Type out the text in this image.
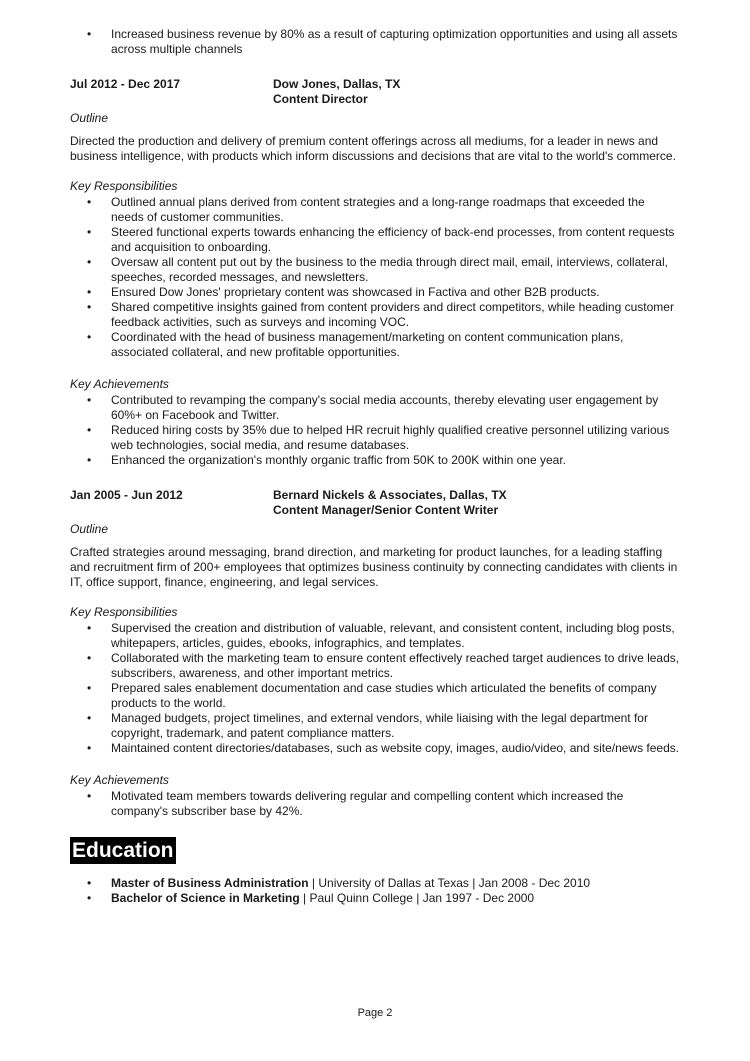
• Increased business revenue by 80% as a result of capturing optimization opportunities and using all assets across multiple channels
Jul 2012 - Dec 2017	Dow Jones, Dallas, TX
Content Director
Outline
Directed the production and delivery of premium content offerings across all mediums, for a leader in news and business intelligence, with products which inform discussions and decisions that are vital to the world's commerce.
Key Responsibilities
• Outlined annual plans derived from content strategies and a long-range roadmaps that exceeded the needs of customer communities.
• Steered functional experts towards enhancing the efficiency of back-end processes, from content requests and acquisition to onboarding.
• Oversaw all content put out by the business to the media through direct mail, email, interviews, collateral, speeches, recorded messages, and newsletters.
• Ensured Dow Jones' proprietary content was showcased in Factiva and other B2B products.
• Shared competitive insights gained from content providers and direct competitors, while heading customer feedback activities, such as surveys and incoming VOC.
• Coordinated with the head of business management/marketing on content communication plans, associated collateral, and new profitable opportunities.
Key Achievements
• Contributed to revamping the company's social media accounts, thereby elevating user engagement by 60%+ on Facebook and Twitter.
• Reduced hiring costs by 35% due to helped HR recruit highly qualified creative personnel utilizing various web technologies, social media, and resume databases.
• Enhanced the organization's monthly organic traffic from 50K to 200K within one year.
Jan 2005 - Jun 2012	Bernard Nickels & Associates, Dallas, TX
Content Manager/Senior Content Writer
Outline
Crafted strategies around messaging, brand direction, and marketing for product launches, for a leading staffing and recruitment firm of 200+ employees that optimizes business continuity by connecting candidates with clients in IT, office support, finance, engineering, and legal services.
Key Responsibilities
• Supervised the creation and distribution of valuable, relevant, and consistent content, including blog posts, whitepapers, articles, guides, ebooks, infographics, and templates.
• Collaborated with the marketing team to ensure content effectively reached target audiences to drive leads, subscribers, awareness, and other important metrics.
• Prepared sales enablement documentation and case studies which articulated the benefits of company products to the world.
• Managed budgets, project timelines, and external vendors, while liaising with the legal department for copyright, trademark, and patent compliance matters.
• Maintained content directories/databases, such as website copy, images, audio/video, and site/news feeds.
Key Achievements
• Motivated team members towards delivering regular and compelling content which increased the company's subscriber base by 42%.
Education
• Master of Business Administration | University of Dallas at Texas | Jan 2008 - Dec 2010
• Bachelor of Science in Marketing | Paul Quinn College | Jan 1997 - Dec 2000
Page 2
